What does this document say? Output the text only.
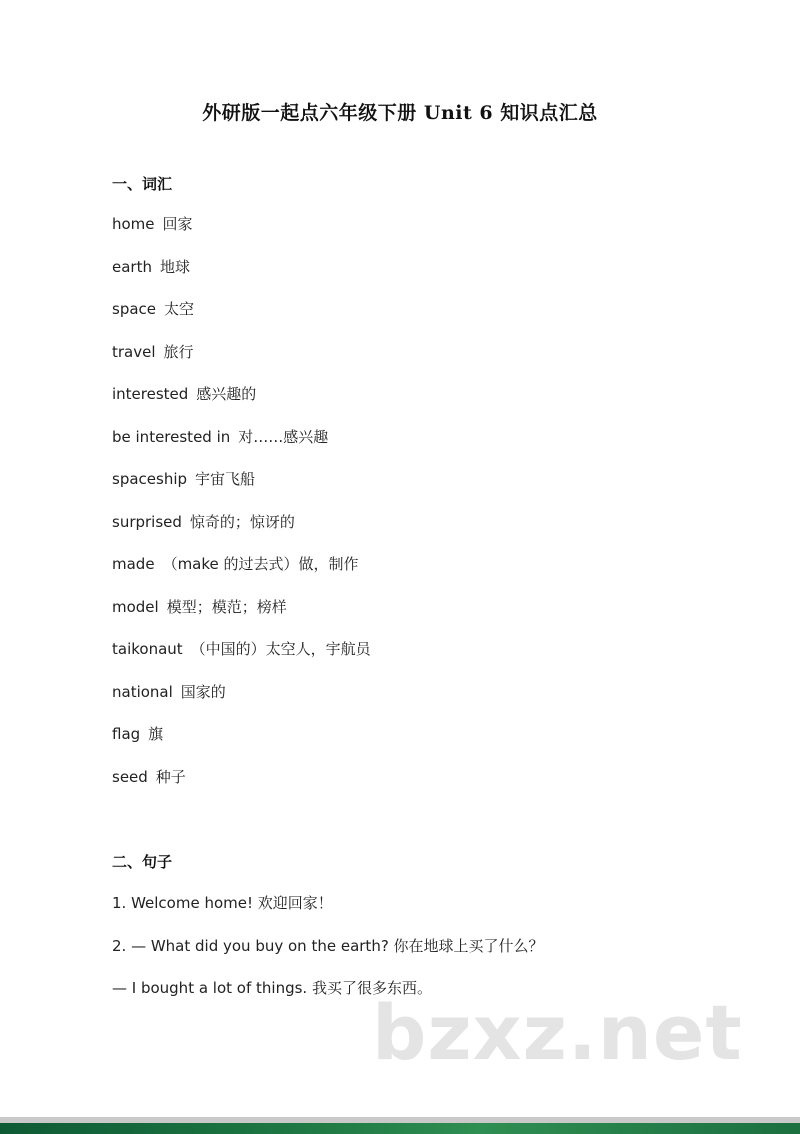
外研版一起点六年级下册 Unit 6 知识点汇总
一、词汇
home 回家
earth 地球
space 太空
travel 旅行
interested 感兴趣的
be interested in 对……感兴趣
spaceship 宇宙飞船
surprised 惊奇的；惊讶的
made （make 的过去式）做，制作
model 模型；模范；榜样
taikonaut （中国的）太空人，宇航员
national 国家的
flag 旗
seed 种子
二、句子
1. Welcome home! 欢迎回家！
2. — What did you buy on the earth? 你在地球上买了什么？
— I bought a lot of things. 我买了很多东西。
bzxz.net
